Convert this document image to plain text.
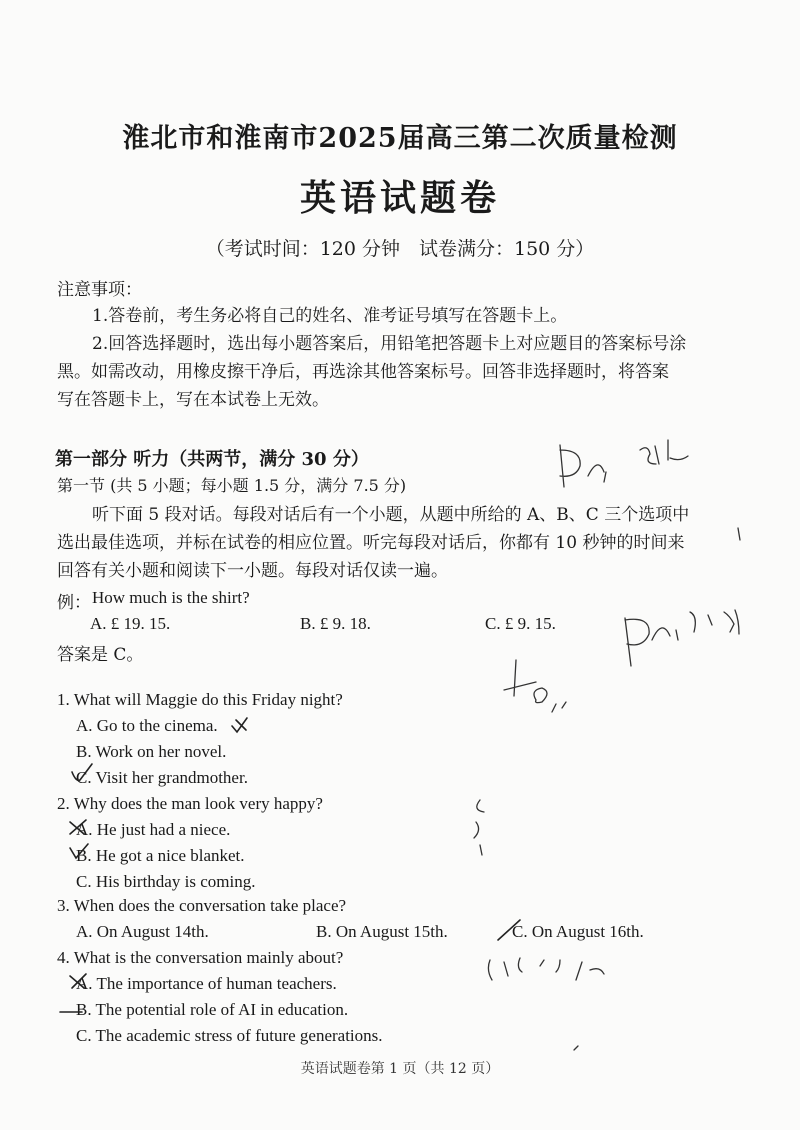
淮北市和淮南市2025届高三第二次质量检测
英语试题卷
（考试时间：120 分钟　试卷满分：150 分）
注意事项：
1.答卷前，考生务必将自己的姓名、准考证号填写在答题卡上。
2.回答选择题时，选出每小题答案后，用铅笔把答题卡上对应题目的答案标号涂
黑。如需改动，用橡皮擦干净后，再选涂其他答案标号。回答非选择题时，将答案
写在答题卡上，写在本试卷上无效。
第一部分 听力（共两节，满分 30 分）
第一节 (共 5 小题；每小题 1.5 分，满分 7.5 分)
听下面 5 段对话。每段对话后有一个小题，从题中所给的 A、B、C 三个选项中
选出最佳选项，并标在试卷的相应位置。听完每段对话后，你都有 10 秒钟的时间来
回答有关小题和阅读下一小题。每段对话仅读一遍。
例： How much is the shirt?
A. £ 19. 15.	B. £ 9. 18.	C. £ 9. 15.
答案是 C。
1. What will Maggie do this Friday night?
A. Go to the cinema.
B. Work on her novel.
C. Visit her grandmother.
2. Why does the man look very happy?
A. He just had a niece.
B. He got a nice blanket.
C. His birthday is coming.
3. When does the conversation take place?
A. On August 14th.	B. On August 15th.	C. On August 16th.
4. What is the conversation mainly about?
A. The importance of human teachers.
B. The potential role of AI in education.
C. The academic stress of future generations.
英语试题卷第 1 页（共 12 页）
